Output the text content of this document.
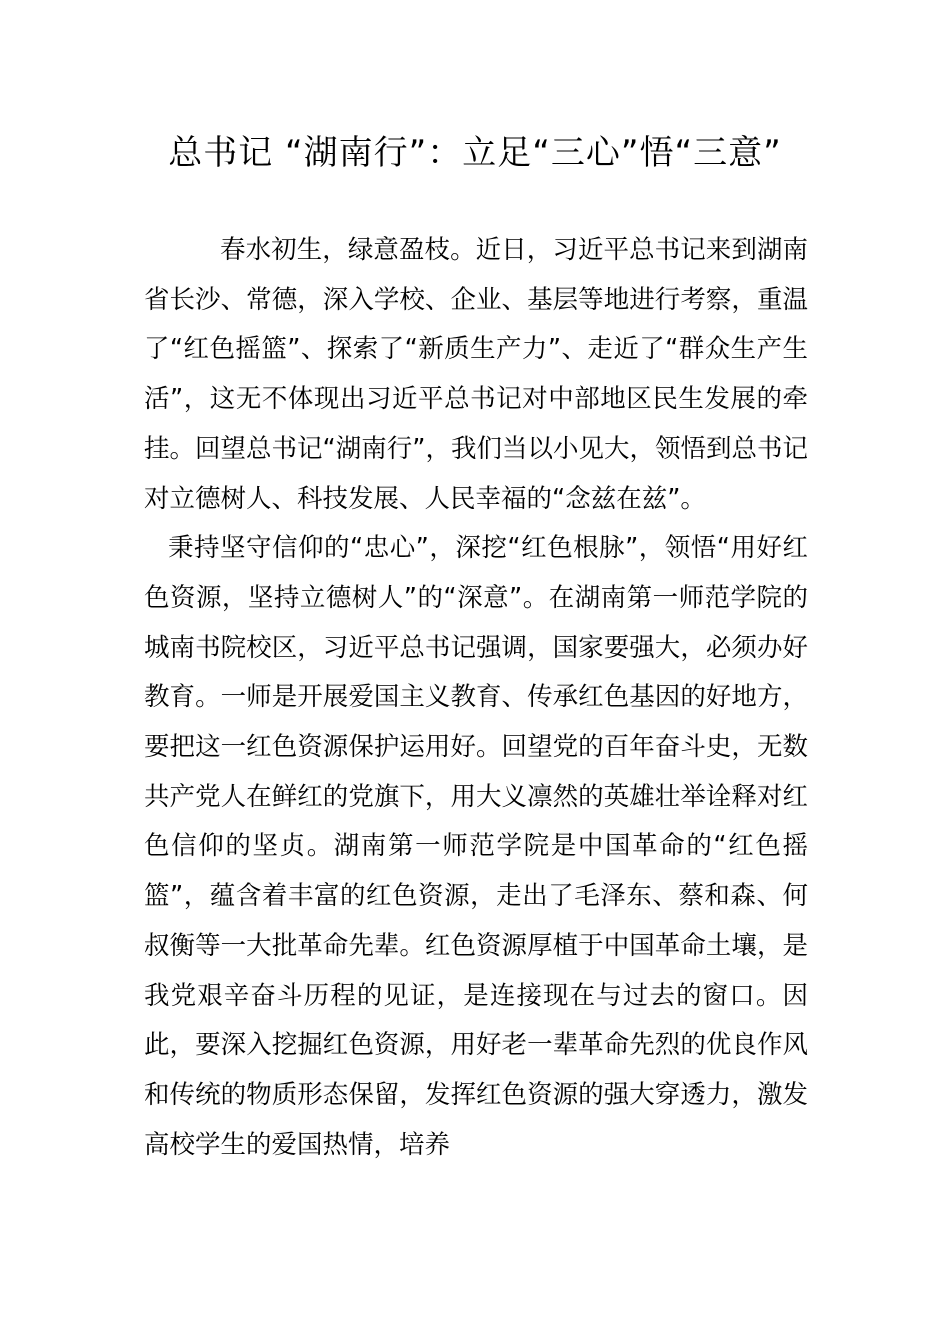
总书记 “湖南行”：立足“三心”悟“三意”

春水初生，绿意盈枝。近日，习近平总书记来到湖南省长沙、常德，深入学校、企业、基层等地进行考察，重温了“红色摇篮”、探索了“新质生产力”、走近了“群众生产生活”，这无不体现出习近平总书记对中部地区民生发展的牵挂。回望总书记“湖南行”，我们当以小见大，领悟到总书记对立德树人、科技发展、人民幸福的“念兹在兹”。

秉持坚守信仰的“忠心”，深挖“红色根脉”，领悟“用好红色资源，坚持立德树人”的“深意”。在湖南第一师范学院的城南书院校区，习近平总书记强调，国家要强大，必须办好教育。一师是开展爱国主义教育、传承红色基因的好地方，要把这一红色资源保护运用好。回望党的百年奋斗史，无数共产党人在鲜红的党旗下，用大义凛然的英雄壮举诠释对红色信仰的坚贞。湖南第一师范学院是中国革命的“红色摇篮”，蕴含着丰富的红色资源，走出了毛泽东、蔡和森、何叔衡等一大批革命先辈。红色资源厚植于中国革命土壤，是我党艰辛奋斗历程的见证，是连接现在与过去的窗口。因此，要深入挖掘红色资源，用好老一辈革命先烈的优良作风和传统的物质形态保留，发挥红色资源的强大穿透力，激发高校学生的爱国热情，培养
